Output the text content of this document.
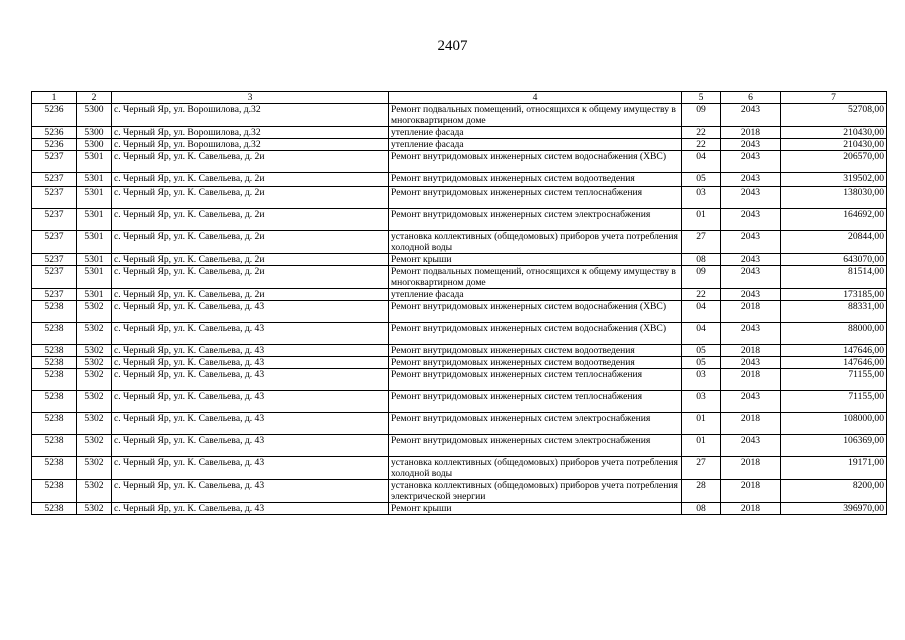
2407
1	2	3	4	5	6	7
5236	5300	с. Черный Яр, ул. Ворошилова, д.32	Ремонт подвальных помещений, относящихся к общему имуществу в многоквартирном доме	09	2043	52708,00
5236	5300	с. Черный Яр, ул. Ворошилова, д.32	утепление фасада	22	2018	210430,00
5236	5300	с. Черный Яр, ул. Ворошилова, д.32	утепление фасада	22	2043	210430,00
5237	5301	с. Черный Яр, ул. К. Савельева, д. 2и	Ремонт внутридомовых инженерных систем водоснабжения (ХВС)	04	2043	206570,00
5237	5301	с. Черный Яр, ул. К. Савельева, д. 2и	Ремонт внутридомовых инженерных систем водоотведения	05	2043	319502,00
5237	5301	с. Черный Яр, ул. К. Савельева, д. 2и	Ремонт внутридомовых инженерных систем теплоснабжения	03	2043	138030,00
5237	5301	с. Черный Яр, ул. К. Савельева, д. 2и	Ремонт внутридомовых инженерных систем электроснабжения	01	2043	164692,00
5237	5301	с. Черный Яр, ул. К. Савельева, д. 2и	установка коллективных (общедомовых) приборов учета потребления холодной воды	27	2043	20844,00
5237	5301	с. Черный Яр, ул. К. Савельева, д. 2и	Ремонт крыши	08	2043	643070,00
5237	5301	с. Черный Яр, ул. К. Савельева, д. 2и	Ремонт подвальных помещений, относящихся к общему имуществу в многоквартирном доме	09	2043	81514,00
5237	5301	с. Черный Яр, ул. К. Савельева, д. 2и	утепление фасада	22	2043	173185,00
5238	5302	с. Черный Яр, ул. К. Савельева, д. 43	Ремонт внутридомовых инженерных систем водоснабжения (ХВС)	04	2018	88331,00
5238	5302	с. Черный Яр, ул. К. Савельева, д. 43	Ремонт внутридомовых инженерных систем водоснабжения (ХВС)	04	2043	88000,00
5238	5302	с. Черный Яр, ул. К. Савельева, д. 43	Ремонт внутридомовых инженерных систем водоотведения	05	2018	147646,00
5238	5302	с. Черный Яр, ул. К. Савельева, д. 43	Ремонт внутридомовых инженерных систем водоотведения	05	2043	147646,00
5238	5302	с. Черный Яр, ул. К. Савельева, д. 43	Ремонт внутридомовых инженерных систем теплоснабжения	03	2018	71155,00
5238	5302	с. Черный Яр, ул. К. Савельева, д. 43	Ремонт внутридомовых инженерных систем теплоснабжения	03	2043	71155,00
5238	5302	с. Черный Яр, ул. К. Савельева, д. 43	Ремонт внутридомовых инженерных систем электроснабжения	01	2018	108000,00
5238	5302	с. Черный Яр, ул. К. Савельева, д. 43	Ремонт внутридомовых инженерных систем электроснабжения	01	2043	106369,00
5238	5302	с. Черный Яр, ул. К. Савельева, д. 43	установка коллективных (общедомовых) приборов учета потребления холодной воды	27	2018	19171,00
5238	5302	с. Черный Яр, ул. К. Савельева, д. 43	установка коллективных (общедомовых) приборов учета потребления электрической энергии	28	2018	8200,00
5238	5302	с. Черный Яр, ул. К. Савельева, д. 43	Ремонт крыши	08	2018	396970,00
